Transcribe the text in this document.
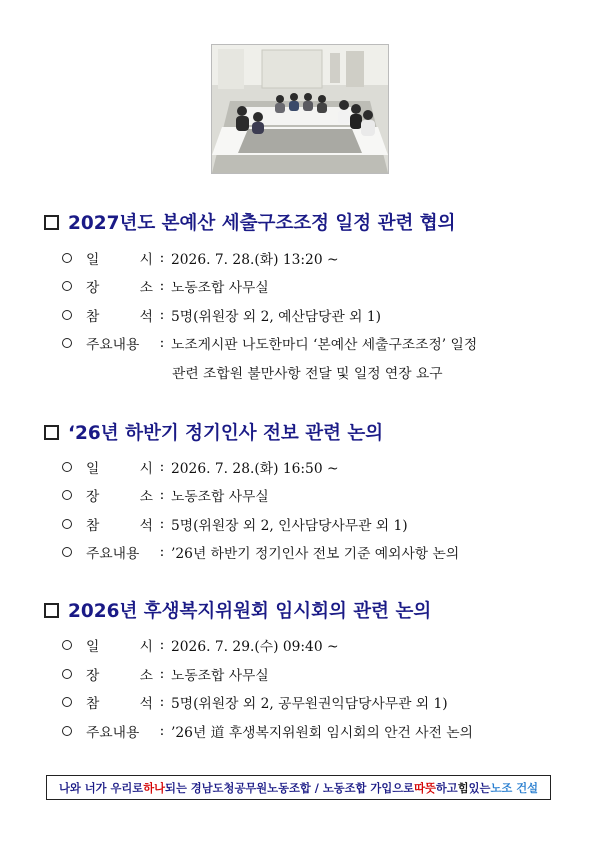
2027년도 본예산 세출구조조정 일정 관련 협의
일	시 : 2026. 7. 28.(화) 13:20 ~
장	소 : 노동조합 사무실
참	석 : 5명(위원장 외 2, 예산담당관 외 1)
주요내용	: 노조게시판 나도한마디 ‘본예산 세출구조조정’ 일정
관련 조합원 불만사항 전달 및 일정 연장 요구
‘26년 하반기 정기인사 전보 관련 논의
일	시 : 2026. 7. 28.(화) 16:50 ~
장	소 : 노동조합 사무실
참	석 : 5명(위원장 외 2, 인사담당사무관 외 1)
주요내용	: ’26년 하반기 정기인사 전보 기준 예외사항 논의
2026년 후생복지위원회 임시회의 관련 논의
일	시 : 2026. 7. 29.(수) 09:40 ~
장	소 : 노동조합 사무실
참	석 : 5명(위원장 외 2, 공무원권익담당사무관 외 1)
주요내용	: ’26년 道 후생복지위원회 임시회의 안건 사전 논의
나와 너가 우리로 하나 되는 경남도청공무원노동조합 / 노동조합 가입으로 따뜻 하고 힘 있는 노조 건설
